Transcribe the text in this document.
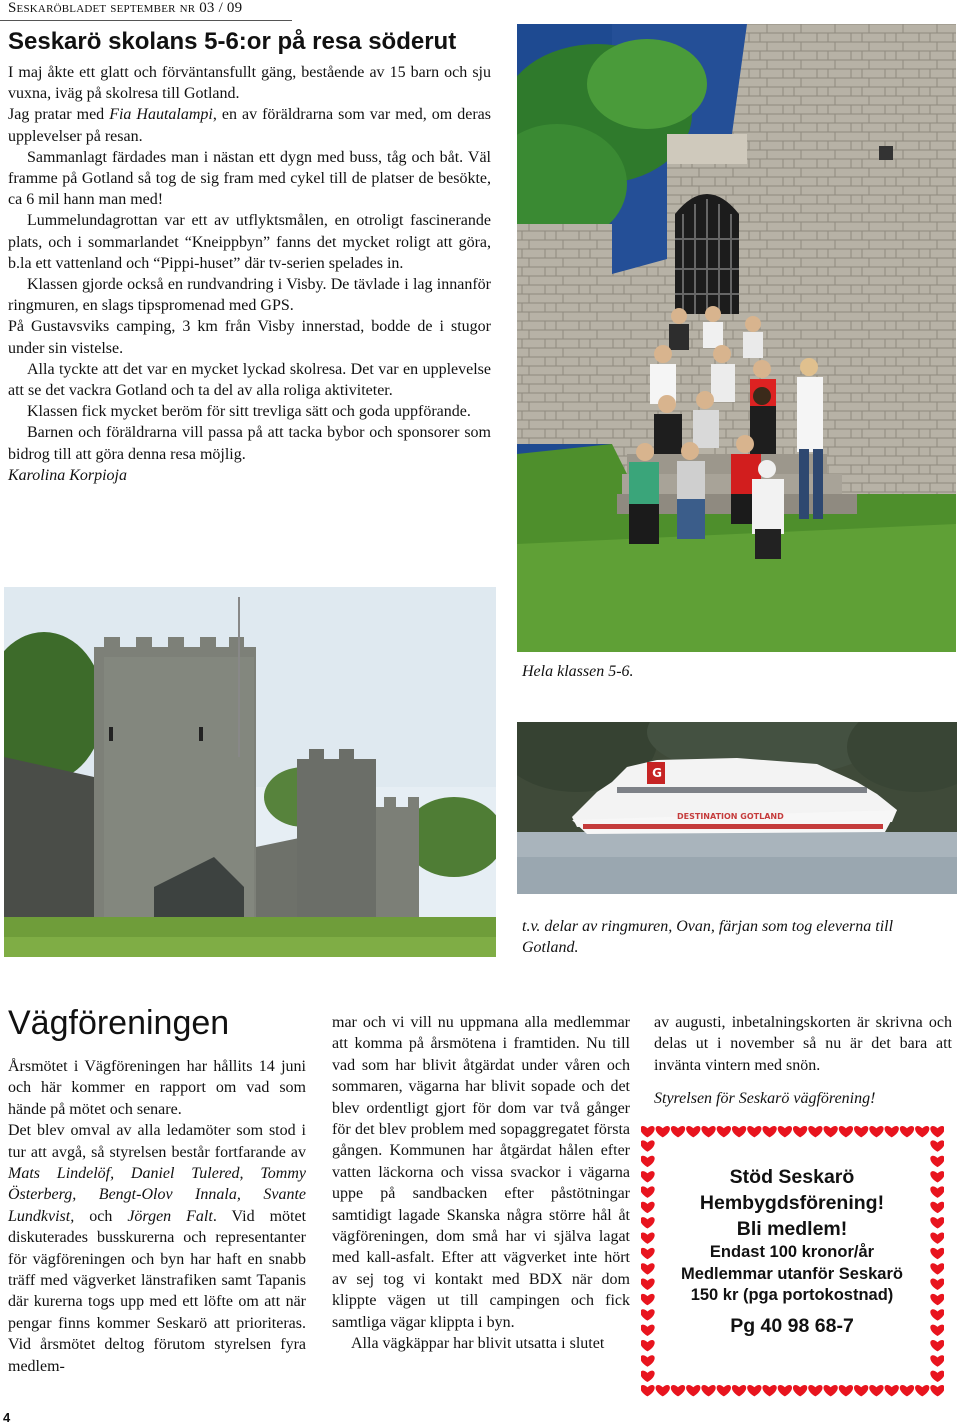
Seskaröbladet september nr 03 / 09
Seskarö skolans 5-6:or på resa söderut

I maj åkte ett glatt och förväntansfullt gäng, bestående av 15 barn och sju vuxna, iväg på skolresa till Gotland.

Jag pratar med Fia Hautalampi, en av föräldrarna som var med, om deras upplevelser på resan.

Sammanlagt färdades man i nästan ett dygn med buss, tåg och båt. Väl framme på Gotland så tog de sig fram med cykel till de platser de besökte, ca 6 mil hann man med!

Lummelundagrottan var ett av utflyktsmålen, en otroligt fascinerande plats, och i sommarlandet “Kneippbyn” fanns det mycket roligt att göra, b.la ett vattenland och “Pippi-huset” där tv-serien spelades in.

Klassen gjorde också en rundvandring i Visby. De tävlade i lag innanför ringmuren, en slags tipspromenad med GPS.

På Gustavsviks camping, 3 km från Visby innerstad, bodde de i stugor under sin vistelse.

Alla tyckte att det var en mycket lyckad skolresa. Det var en upplevelse att se det vackra Gotland och ta del av alla roliga aktiviteter.

Klassen fick mycket beröm för sitt trevliga sätt och goda uppförande.

Barnen och föräldrarna vill passa på att tacka bybor och sponsorer som bidrog till att göra denna resa möjlig.

Karolina Korpioja

Hela klassen 5-6.
G
DESTINATION GOTLAND
t.v. delar av ringmuren, Ovan, färjan som tog eleverna till Gotland.
Vägföreningen

Årsmötet i Vägföreningen har hållits 14 juni och här kommer en rapport om vad som hände på mötet och senare.

Det blev omval av alla ledamöter som stod i tur att avgå, så styrelsen består fortfarande av Mats Lindelöf, Daniel Tulered, Tommy Österberg, Bengt-Olov Innala, Svante Lundkvist, och Jörgen Falt. Vid mötet diskuterades busskurerna och representanter för vägföreningen och byn har haft en snabb träff med vägverket länstrafiken samt Tapanis där kurerna togs upp med ett löfte om att när pengar finns kommer Seskarö att prioriteras. Vid årsmötet deltog förutom styrelsen fyra medlem-

mar och vi vill nu uppmana alla medlemmar att komma på årsmötena i framtiden. Nu till vad som har blivit åtgärdat under våren och sommaren, vägarna har blivit sopade och det blev ordentligt gjort för dom var två gånger för det blev problem med sopaggregatet första gången. Kommunen har åtgärdat hålen efter vatten läckorna och vissa svackor i vägarna uppe på sandbacken efter påstötningar samtidigt lagade Skanska några större hål åt vägföreningen, dom små har vi själva lagat med kall-asfalt. Efter att vägverket inte hört av sej tog vi kontakt med BDX när dom klippte vägen ut till campingen och fick samtliga vägar klippta i byn.

Alla vägkäppar har blivit utsatta i slutet

av augusti, inbetalningskorten är skrivna och delas ut i november så nu är det bara att invänta vintern med snön.

Styrelsen för Seskarö vägförening!

Stöd Seskarö
Hembygdsförening!
Bli medlem!
Endast 100 kronor/år
Medlemmar utanför Seskarö
150 kr (pga portokostnad)
Pg 40 98 68-7
4
